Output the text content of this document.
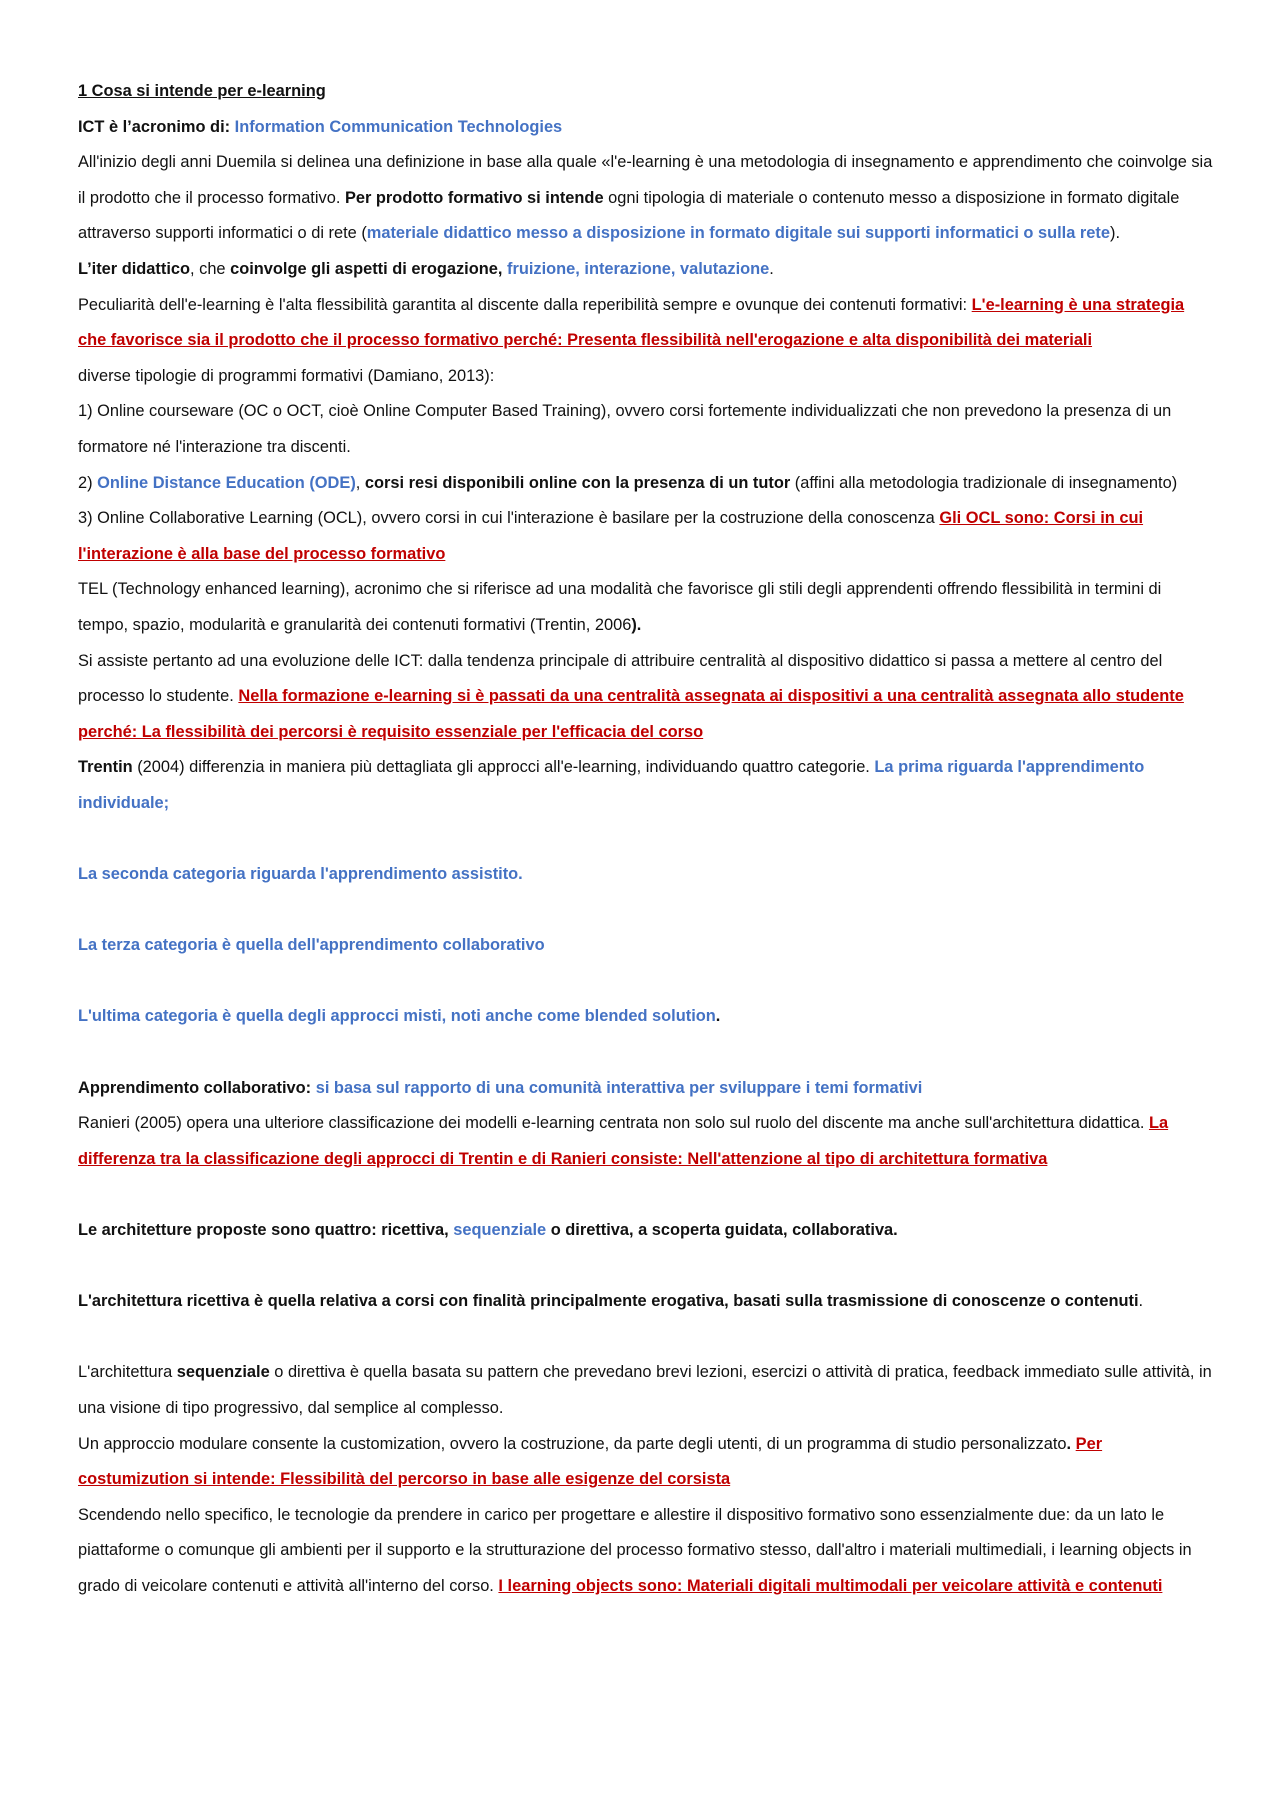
1 Cosa si intende per e-learning

ICT è l’acronimo di: Information Communication Technologies

All'inizio degli anni Duemila si delinea una definizione in base alla quale «l'e-learning è una metodologia di insegnamento e apprendimento che coinvolge sia il prodotto che il processo formativo. Per prodotto formativo si intende ogni tipologia di materiale o contenuto messo a disposizione in formato digitale attraverso supporti informatici o di rete (materiale didattico messo a disposizione in formato digitale sui supporti informatici o sulla rete).

L’iter didattico, che coinvolge gli aspetti di erogazione, fruizione, interazione, valutazione.

Peculiarità dell'e-learning è l'alta flessibilità garantita al discente dalla reperibilità sempre e ovunque dei contenuti formativi: L'e-learning è una strategia che favorisce sia il prodotto che il processo formativo perché: Presenta flessibilità nell'erogazione e alta disponibilità dei materiali

diverse tipologie di programmi formativi (Damiano, 2013):

1) Online courseware (OC o OCT, cioè Online Computer Based Training), ovvero corsi fortemente individualizzati che non prevedono la presenza di un formatore né l'interazione tra discenti.

2) Online Distance Education (ODE), corsi resi disponibili online con la presenza di un tutor (affini alla metodologia tradizionale di insegnamento)

3) Online Collaborative Learning (OCL), ovvero corsi in cui l'interazione è basilare per la costruzione della conoscenza Gli OCL sono: Corsi in cui l'interazione è alla base del processo formativo

TEL (Technology enhanced learning), acronimo che si riferisce ad una modalità che favorisce gli stili degli apprendenti offrendo flessibilità in termini di tempo, spazio, modularità e granularità dei contenuti formativi (Trentin, 2006).

Si assiste pertanto ad una evoluzione delle ICT: dalla tendenza principale di attribuire centralità al dispositivo didattico si passa a mettere al centro del processo lo studente. Nella formazione e-learning si è passati da una centralità assegnata ai dispositivi a una centralità assegnata allo studente perché: La flessibilità dei percorsi è requisito essenziale per l'efficacia del corso

Trentin (2004) differenzia in maniera più dettagliata gli approcci all'e-learning, individuando quattro categorie. La prima riguarda l'apprendimento individuale;

La seconda categoria riguarda l'apprendimento assistito.

La terza categoria è quella dell'apprendimento collaborativo

L'ultima categoria è quella degli approcci misti, noti anche come blended solution.

Apprendimento collaborativo: si basa sul rapporto di una comunità interattiva per sviluppare i temi formativi

Ranieri (2005) opera una ulteriore classificazione dei modelli e-learning centrata non solo sul ruolo del discente ma anche sull'architettura didattica. La differenza tra la classificazione degli approcci di Trentin e di Ranieri consiste: Nell'attenzione al tipo di architettura formativa

Le architetture proposte sono quattro: ricettiva, sequenziale o direttiva, a scoperta guidata, collaborativa.

L'architettura ricettiva è quella relativa a corsi con finalità principalmente erogativa, basati sulla trasmissione di conoscenze o contenuti.

L'architettura sequenziale o direttiva è quella basata su pattern che prevedano brevi lezioni, esercizi o attività di pratica, feedback immediato sulle attività, in una visione di tipo progressivo, dal semplice al complesso.

Un approccio modulare consente la customization, ovvero la costruzione, da parte degli utenti, di un programma di studio personalizzato. Per costumizution si intende: Flessibilità del percorso in base alle esigenze del corsista

Scendendo nello specifico, le tecnologie da prendere in carico per progettare e allestire il dispositivo formativo sono essenzialmente due: da un lato le piattaforme o comunque gli ambienti per il supporto e la strutturazione del processo formativo stesso, dall'altro i materiali multimediali, i learning objects in grado di veicolare contenuti e attività all'interno del corso. I learning objects sono: Materiali digitali multimodali per veicolare attività e contenuti
